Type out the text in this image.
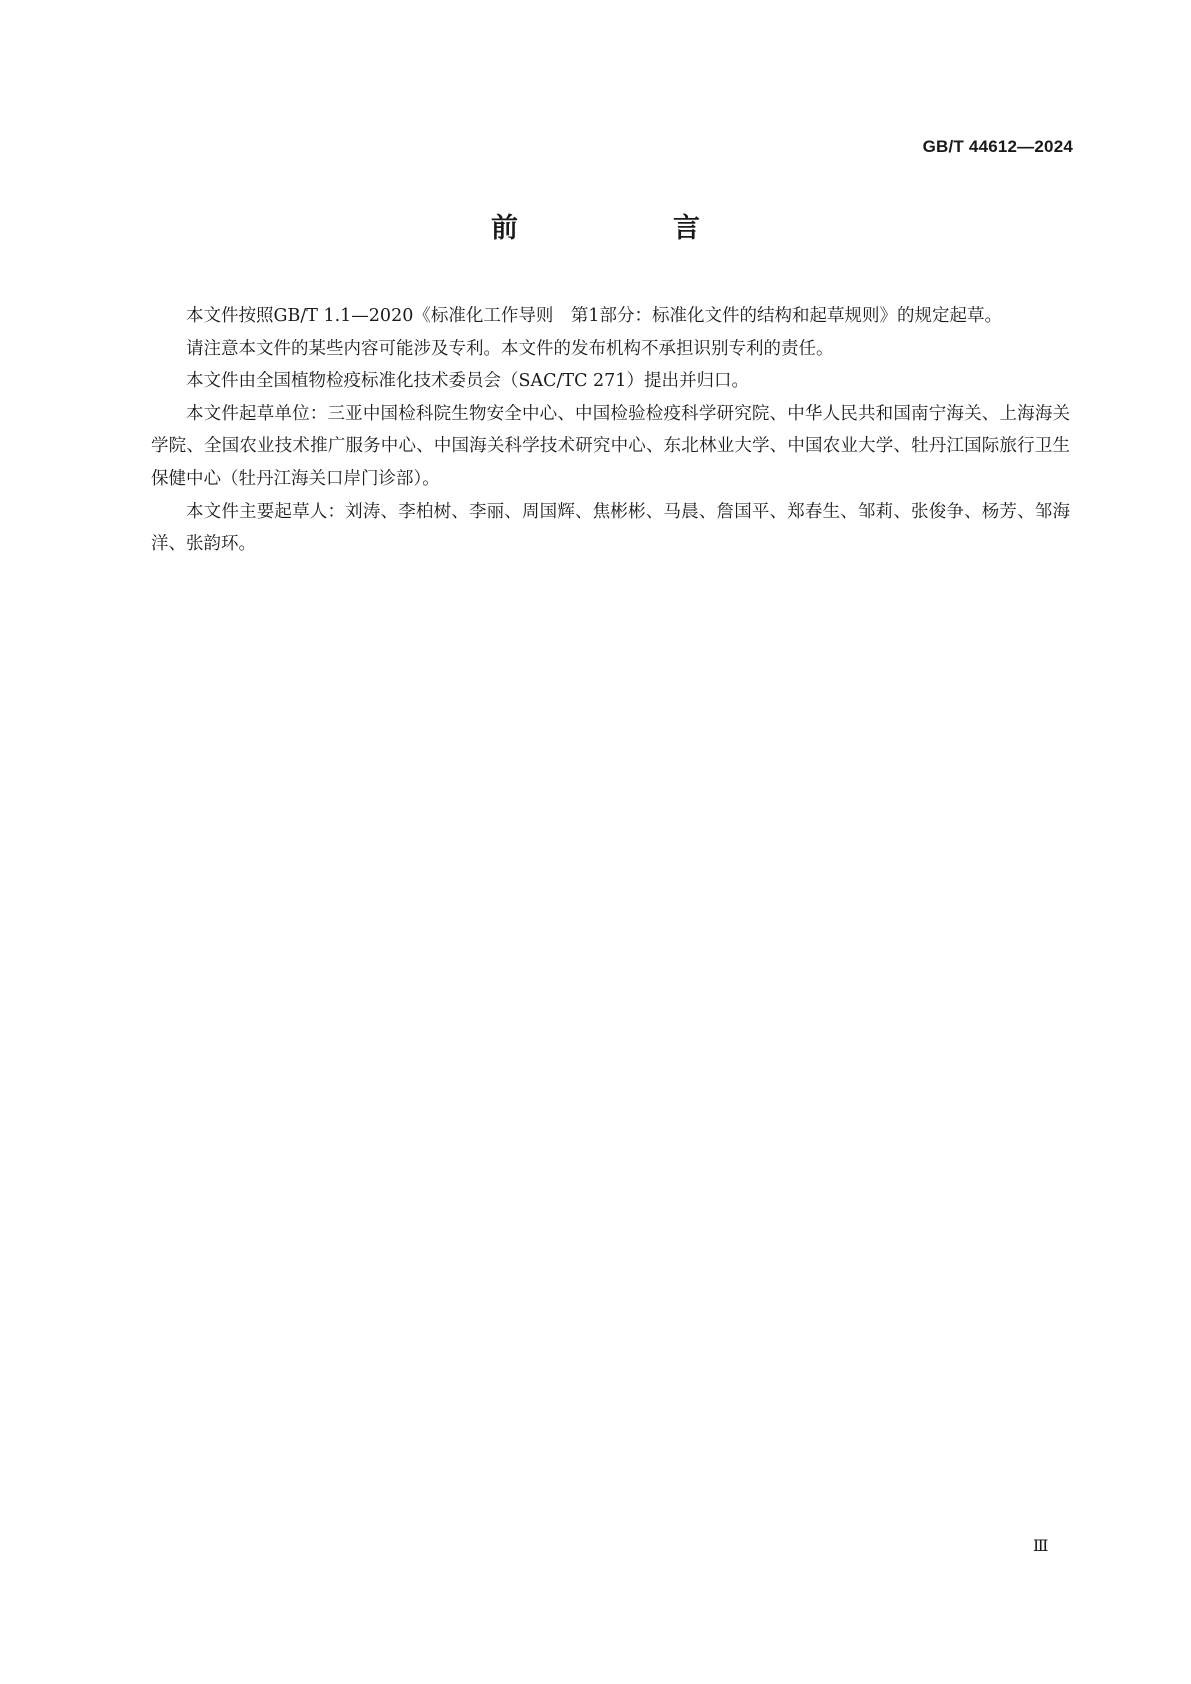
GB/T 44612—2024
前　言

本文件按照GB/T 1.1—2020《标准化工作导则　第1部分：标准化文件的结构和起草规则》的规定起草。

请注意本文件的某些内容可能涉及专利。本文件的发布机构不承担识别专利的责任。

本文件由全国植物检疫标准化技术委员会（SAC/TC 271）提出并归口。

本文件起草单位：三亚中国检科院生物安全中心、中国检验检疫科学研究院、中华人民共和国南宁海关、上海海关学院、全国农业技术推广服务中心、中国海关科学技术研究中心、东北林业大学、中国农业大学、牡丹江国际旅行卫生保健中心（牡丹江海关口岸门诊部）。

本文件主要起草人：刘涛、李柏树、李丽、周国辉、焦彬彬、马晨、詹国平、郑春生、邹莉、张俊争、杨芳、邹海洋、张韵环。

Ⅲ
